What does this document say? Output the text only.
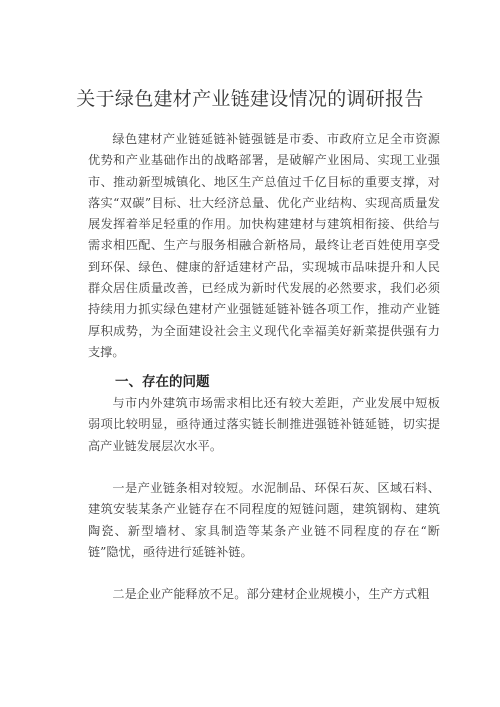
关于绿色建材产业链建设情况的调研报告

绿色建材产业链延链补链强链是市委、市政府立足全市资源优势和产业基础作出的战略部署，是破解产业困局、实现工业强市、推动新型城镇化、地区生产总值过千亿目标的重要支撑，对落实“双碳”目标、壮大经济总量、优化产业结构、实现高质量发展发挥着举足轻重的作用。加快构建建材与建筑相衔接、供给与需求相匹配、生产与服务相融合新格局，最终让老百姓使用享受到环保、绿色、健康的舒适建材产品，实现城市品味提升和人民群众居住质量改善，已经成为新时代发展的必然要求，我们必须持续用力抓实绿色建材产业强链延链补链各项工作，推动产业链厚积成势，为全面建设社会主义现代化幸福美好新菜提供强有力支撑。

一、存在的问题

与市内外建筑市场需求相比还有较大差距，产业发展中短板弱项比较明显，亟待通过落实链长制推进强链补链延链，切实提高产业链发展层次水平。

一是产业链条相对较短。水泥制品、环保石灰、区域石料、建筑安装某条产业链存在不同程度的短链问题，建筑钢构、建筑陶瓷、新型墙材、家具制造等某条产业链不同程度的存在“断链”隐忧，亟待进行延链补链。

二是企业产能释放不足。部分建材企业规模小，生产方式粗
